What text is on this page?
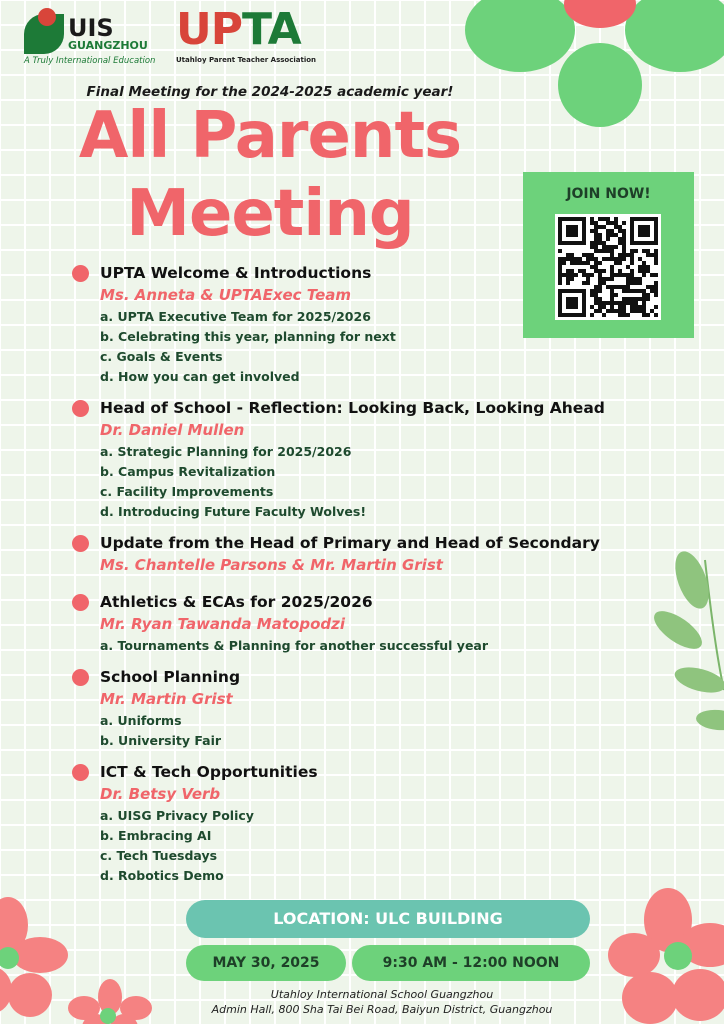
UIS
GUANGZHOU
A Truly International Education
UPTA
Utahloy Parent Teacher Association
Final Meeting for the 2024-2025 academic year!
All Parents
Meeting	JOIN NOW!
UPTA Welcome & Introductions
Ms. Anneta & UPTAExec Team
a. UPTA Executive Team for 2025/2026
b. Celebrating this year, planning for next
c. Goals & Events
d. How you can get involved
Head of School - Reflection: Looking Back, Looking Ahead
Dr. Daniel Mullen
a. Strategic Planning for 2025/2026
b. Campus Revitalization
c. Facility Improvements
d. Introducing Future Faculty Wolves!
Update from the Head of Primary and Head of Secondary
Ms. Chantelle Parsons & Mr. Martin Grist
Athletics & ECAs for 2025/2026
Mr. Ryan Tawanda Matopodzi
a. Tournaments & Planning for another successful year
School Planning
Mr. Martin Grist
a. Uniforms
b. University Fair
ICT & Tech Opportunities
Dr. Betsy Verb
a. UISG Privacy Policy
b. Embracing AI
c. Tech Tuesdays
d. Robotics Demo
LOCATION: ULC BUILDING
MAY 30, 2025	9:30 AM - 12:00 NOON
Utahloy International School Guangzhou
Admin Hall, 800 Sha Tai Bei Road, Baiyun District, Guangzhou
